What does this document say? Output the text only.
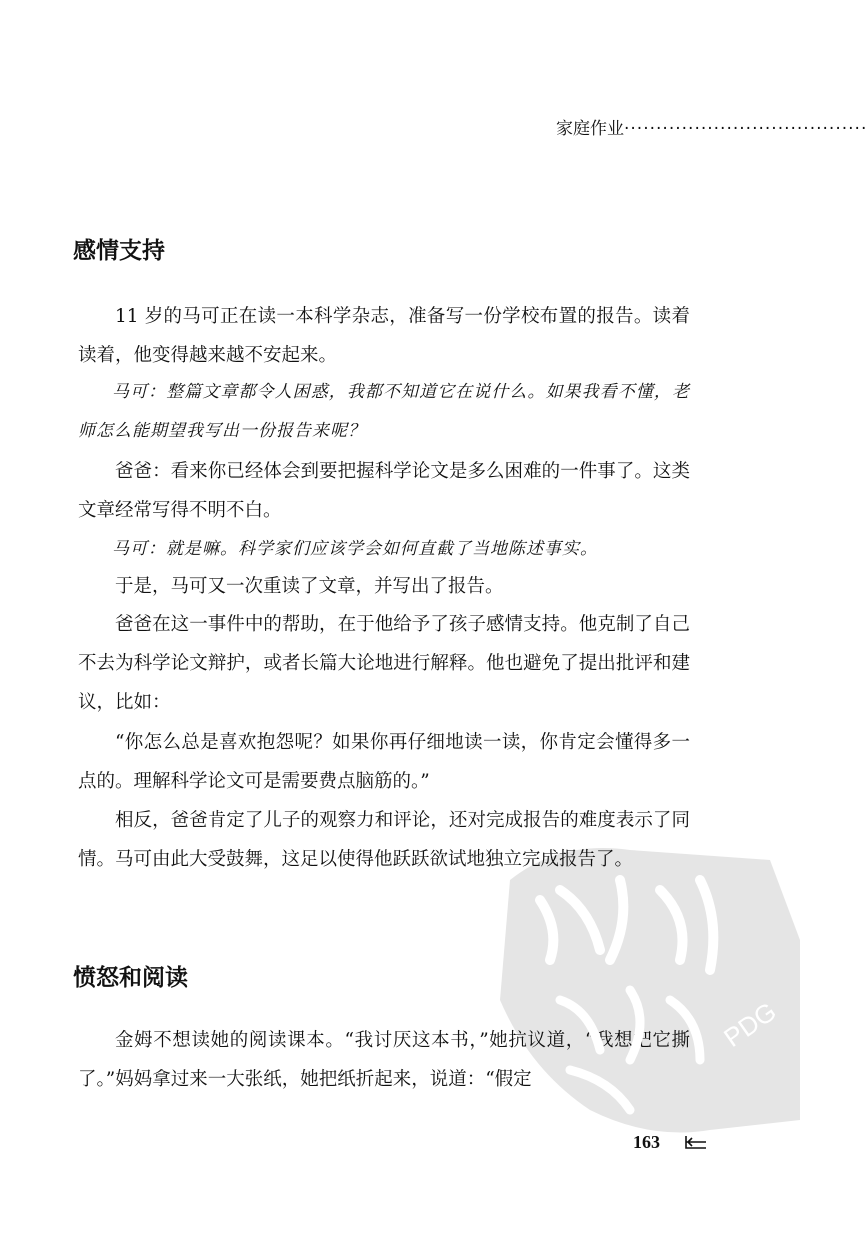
家庭作业······································
感情支持

11 岁的马可正在读一本科学杂志，准备写一份学校布置的报告。读着读着，他变得越来越不安起来。

马可：整篇文章都令人困惑，我都不知道它在说什么。如果我看不懂，老师怎么能期望我写出一份报告来呢？

爸爸：看来你已经体会到要把握科学论文是多么困难的一件事了。这类文章经常写得不明不白。

马可：就是嘛。科学家们应该学会如何直截了当地陈述事实。

于是，马可又一次重读了文章，并写出了报告。

爸爸在这一事件中的帮助，在于他给予了孩子感情支持。他克制了自己不去为科学论文辩护，或者长篇大论地进行解释。他也避免了提出批评和建议，比如：

“你怎么总是喜欢抱怨呢？如果你再仔细地读一读，你肯定会懂得多一点的。理解科学论文可是需要费点脑筋的。”

相反，爸爸肯定了儿子的观察力和评论，还对完成报告的难度表示了同情。马可由此大受鼓舞，这足以使得他跃跃欲试地独立完成报告了。

愤怒和阅读

金姆不想读她的阅读课本。“我讨厌这本书，”她抗议道，“我想把它撕了。”妈妈拿过来一大张纸，她把纸折起来，说道：“假定

PDG
163
